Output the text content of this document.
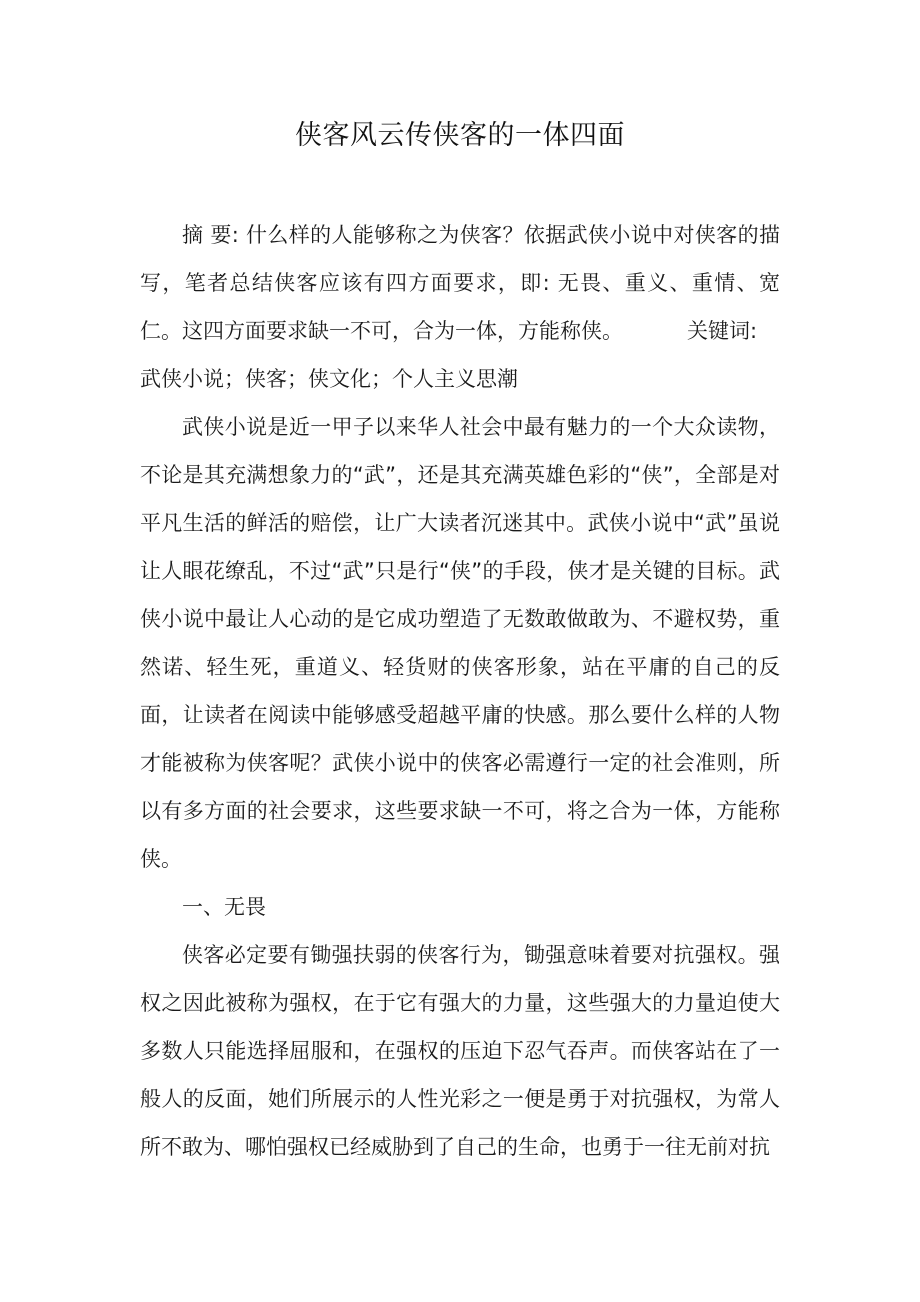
侠客风云传侠客的一体四面

摘 要: 什么样的人能够称之为侠客？依据武侠小说中对侠客的描写，笔者总结侠客应该有四方面要求，即: 无畏、重义、重情、宽仁。这四方面要求缺一不可，合为一体，方能称侠。	关键词:

武侠小说；侠客；侠文化；个人主义思潮

武侠小说是近一甲子以来华人社会中最有魅力的一个大众读物，不论是其充满想象力的“武”，还是其充满英雄色彩的“侠”，全部是对平凡生活的鲜活的赔偿，让广大读者沉迷其中。武侠小说中“武”虽说让人眼花缭乱，不过“武”只是行“侠”的手段，侠才是关键的目标。武侠小说中最让人心动的是它成功塑造了无数敢做敢为、不避权势，重然诺、轻生死，重道义、轻货财的侠客形象，站在平庸的自己的反面，让读者在阅读中能够感受超越平庸的快感。那么要什么样的人物才能被称为侠客呢？武侠小说中的侠客必需遵行一定的社会准则，所以有多方面的社会要求，这些要求缺一不可，将之合为一体，方能称侠。

一、无畏

侠客必定要有锄强扶弱的侠客行为，锄强意味着要对抗强权。强权之因此被称为强权，在于它有强大的力量，这些强大的力量迫使大多数人只能选择屈服和，在强权的压迫下忍气吞声。而侠客站在了一般人的反面，她们所展示的人性光彩之一便是勇于对抗强权，为常人所不敢为、哪怕强权已经威胁到了自己的生命，也勇于一往无前对抗
